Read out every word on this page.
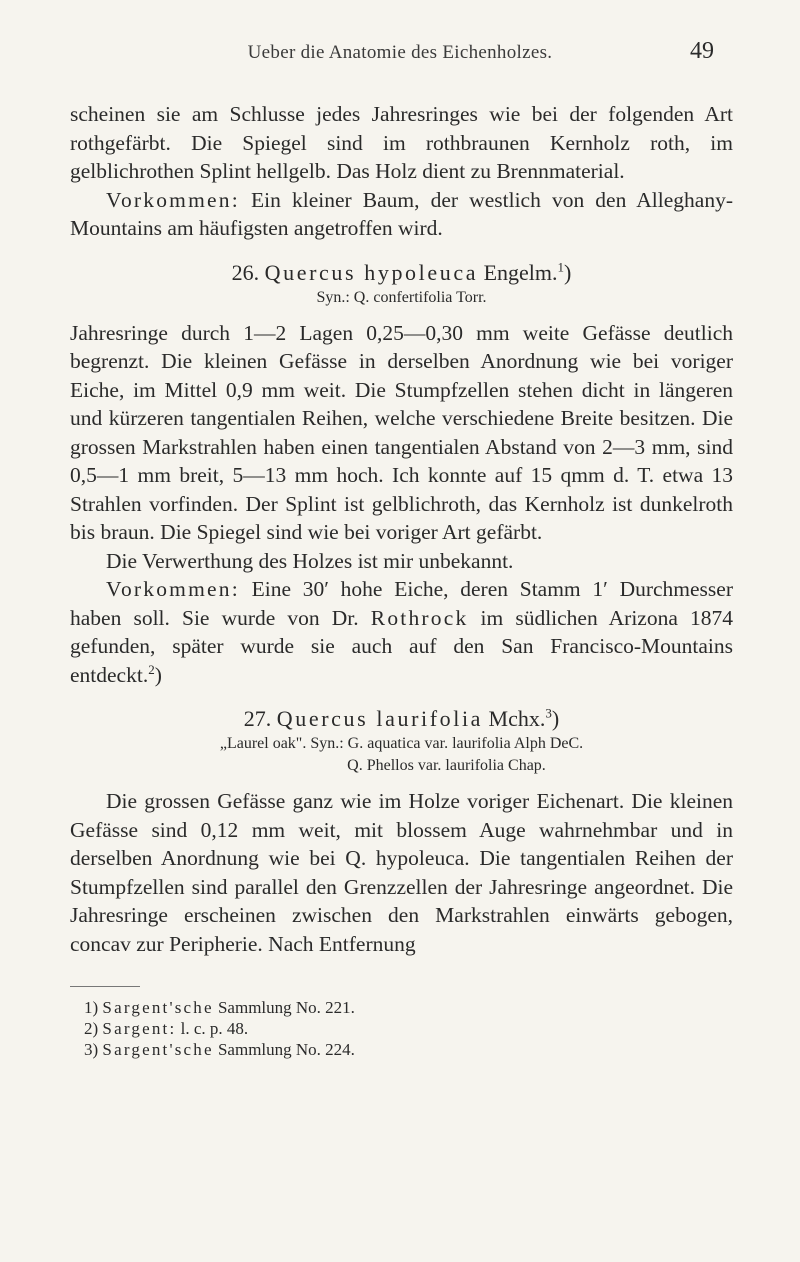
Ueber die Anatomie des Eichenholzes.	49

scheinen sie am Schlusse jedes Jahresringes wie bei der folgenden Art rothgefärbt. Die Spiegel sind im rothbraunen Kernholz roth, im gelblichrothen Splint hellgelb. Das Holz dient zu Brennmaterial.

Vorkommen: Ein kleiner Baum, der westlich von den Alleghany-Mountains am häufigsten angetroffen wird.

26. Quercus hypoleuca Engelm.$^1$)
Syn.: Q. confertifolia Torr.

Jahresringe durch 1—2 Lagen 0,25—0,30 mm weite Gefässe deutlich begrenzt. Die kleinen Gefässe in derselben Anordnung wie bei voriger Eiche, im Mittel 0,9 mm weit. Die Stumpfzellen stehen dicht in längeren und kürzeren tangentialen Reihen, welche verschiedene Breite besitzen. Die grossen Markstrahlen haben einen tangentialen Abstand von 2—3 mm, sind 0,5—1 mm breit, 5—13 mm hoch. Ich konnte auf 15 qmm d. T. etwa 13 Strahlen vorfinden. Der Splint ist gelblichroth, das Kernholz ist dunkelroth bis braun. Die Spiegel sind wie bei voriger Art gefärbt.

Die Verwerthung des Holzes ist mir unbekannt.

Vorkommen: Eine 30′ hohe Eiche, deren Stamm 1′ Durchmesser haben soll. Sie wurde von Dr. Rothrock im südlichen Arizona 1874 gefunden, später wurde sie auch auf den San Francisco-Mountains entdeckt.$^2$)

27. Quercus laurifolia Mchx.$^3$)
„Laurel oak". Syn.: G. aquatica var. laurifolia Alph DeC.
Q. Phellos var. laurifolia Chap.

Die grossen Gefässe ganz wie im Holze voriger Eichenart. Die kleinen Gefässe sind 0,12 mm weit, mit blossem Auge wahrnehmbar und in derselben Anordnung wie bei Q. hypoleuca. Die tangentialen Reihen der Stumpfzellen sind parallel den Grenzzellen der Jahresringe angeordnet. Die Jahresringe erscheinen zwischen den Markstrahlen einwärts gebogen, concav zur Peripherie. Nach Entfernung

1) Sargent'sche Sammlung No. 221.
2) Sargent: l. c. p. 48.
3) Sargent'sche Sammlung No. 224.
